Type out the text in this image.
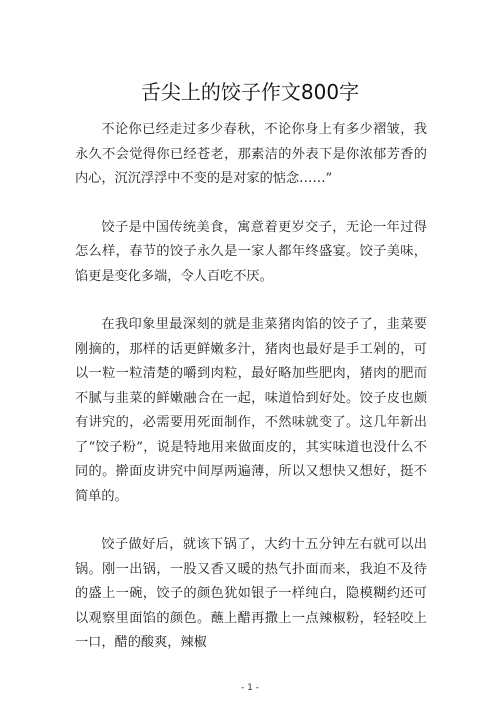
舌尖上的饺子作文800字

不论你已经走过多少春秋，不论你身上有多少褶皱，我永久不会觉得你已经苍老，那素洁的外表下是你浓郁芳香的内心，沉沉浮浮中不变的是对家的惦念……”

饺子是中国传统美食，寓意着更岁交子，无论一年过得怎么样，春节的饺子永久是一家人都年终盛宴。饺子美味，馅更是变化多端，令人百吃不厌。

在我印象里最深刻的就是韭菜猪肉馅的饺子了，韭菜要刚摘的，那样的话更鲜嫩多汁，猪肉也最好是手工剁的，可以一粒一粒清楚的嚼到肉粒，最好略加些肥肉，猪肉的肥而不腻与韭菜的鲜嫩融合在一起，味道恰到好处。饺子皮也颇有讲究的，必需要用死面制作，不然味就变了。这几年新出了“饺子粉”，说是特地用来做面皮的，其实味道也没什么不同的。擀面皮讲究中间厚两遍薄，所以又想快又想好，挺不简单的。

饺子做好后，就该下锅了，大约十五分钟左右就可以出锅。刚一出锅，一股又香又暖的热气扑面而来，我迫不及待的盛上一碗，饺子的颜色犹如银子一样纯白，隐模糊约还可以观察里面馅的颜色。蘸上醋再撒上一点辣椒粉，轻轻咬上一口，醋的酸爽，辣椒

- 1 -
